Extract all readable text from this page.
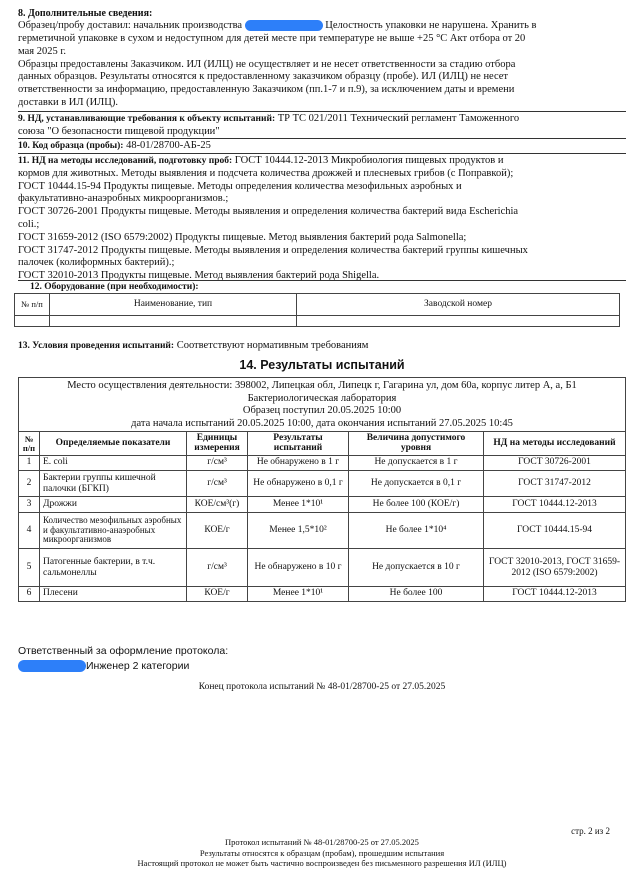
8. Дополнительные сведения:
Образец/пробу доставил: начальник производства	Целостность упаковки не нарушена. Хранить в
герметичной упаковке в сухом и недоступном для детей месте при температуре не выше +25 °С Акт отбора от 20
мая 2025 г.
Образцы предоставлены Заказчиком. ИЛ (ИЛЦ) не осуществляет и не несет ответственности за стадию отбора
данных образцов. Результаты относятся к предоставленному заказчиком образцу (пробе). ИЛ (ИЛЦ) не несет
ответственности за информацию, предоставленную Заказчиком (пп.1-7 и п.9), за исключением даты и времени
доставки в ИЛ (ИЛЦ).
9. НД, устанавливающие требования к объекту испытаний: ТР ТС 021/2011 Технический регламент Таможенного
союза "О безопасности пищевой продукции"
10. Код образца (пробы): 48-01/28700-АБ-25
11. НД на методы исследований, подготовку проб: ГОСТ 10444.12-2013 Микробиология пищевых продуктов и
кормов для животных. Методы выявления и подсчета количества дрожжей и плесневых грибов (с Поправкой);
ГОСТ 10444.15-94 Продукты пищевые. Методы определения количества мезофильных аэробных и
факультативно-анаэробных микроорганизмов.;
ГОСТ 30726-2001 Продукты пищевые. Методы выявления и определения количества бактерий вида Escherichia
coli.;
ГОСТ 31659-2012 (ISO 6579:2002) Продукты пищевые. Метод выявления бактерий рода Salmonella;
ГОСТ 31747-2012 Продукты пищевые. Методы выявления и определения количества бактерий группы кишечных
палочек (колиформных бактерий).;
ГОСТ 32010-2013 Продукты пищевые. Метод выявления бактерий рода Shigella.
12. Оборудование (при необходимости):
№ п/п	Наименование, тип	Заводской номер

13. Условия проведения испытаний: Соответствуют нормативным требованиям
14. Результаты испытаний
Место осуществления деятельности: 398002, Липецкая обл, Липецк г, Гагарина ул, дом 60а, корпус литер А, а, Б1
Бактериологическая лаборатория
Образец поступил 20.05.2025 10:00
дата начала испытаний 20.05.2025 10:00, дата окончания испытаний 27.05.2025 10:45
№ п/п	Определяемые показатели	Единицы измерения	Результаты испытаний	Величина допустимого уровня	НД на методы исследований
1	E. coli	г/см³	Не обнаружено в 1 г	Не допускается в 1 г	ГОСТ 30726-2001
2	Бактерии группы кишечной палочки (БГКП)	г/см³	Не обнаружено в 0,1 г	Не допускается в 0,1 г	ГОСТ 31747-2012
3	Дрожжи	КОЕ/см³(г)	Менее 1*10¹	Не более 100 (КОЕ/г)	ГОСТ 10444.12-2013
4	Количество мезофильных аэробных и факультативно-анаэробных микроорганизмов	КОЕ/г	Менее 1,5*10²	Не более 1*10⁴	ГОСТ 10444.15-94
5	Патогенные бактерии, в т.ч. сальмонеллы	г/см³	Не обнаружено в 10 г	Не допускается в 10 г	ГОСТ 32010-2013, ГОСТ 31659-2012 (ISO 6579:2002)
6	Плесени	КОЕ/г	Менее 1*10¹	Не более 100	ГОСТ 10444.12-2013
Ответственный за оформление протокола:
Инженер 2 категории
Конец протокола испытаний № 48-01/28700-25 от 27.05.2025
стр. 2 из 2
Протокол испытаний № 48-01/28700-25 от 27.05.2025
Результаты относятся к образцам (пробам), прошедшим испытания
Настоящий протокол не может быть частично воспроизведен без письменного разрешения ИЛ (ИЛЦ)
